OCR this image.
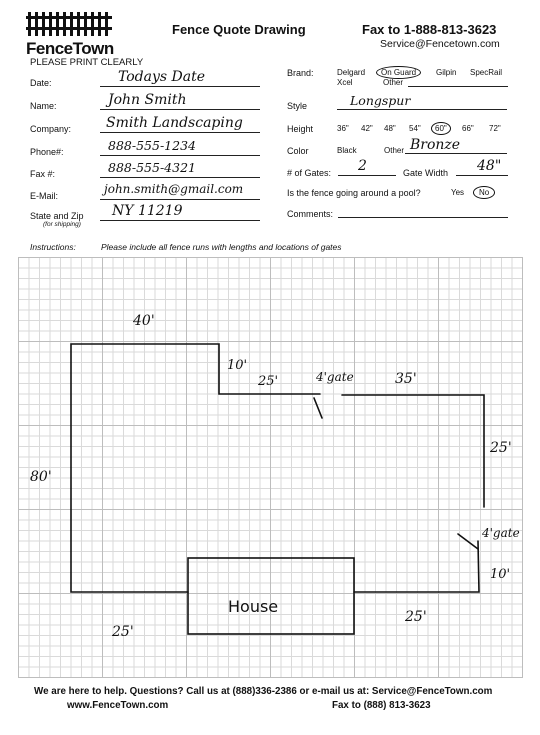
FenceTown
Fence Quote Drawing	Fax to 1-888-813-3623
Service@Fencetown.com
PLEASE PRINT CLEARLY
Date:	Todays Date
Name:	John Smith
Company: Smith Landscaping
Phone#:	888-555-1234
Fax #:	888-555-4321
E-Mail:	john.smith@gmail.com
State and Zip
(for shipping)
NY 11219
Brand:	Delgard	On Guard	Gilpin SpecRail
Xcel	Other
Style	Longspur
Height	36" 42" 48" 54"	60"	66" 72"
Color	Black	Other Bronze
# of Gates: 2	Gate Width 48"
Is the fence going around a pool?	Yes	No
Comments:
Instructions:	Please include all fence runs with lengths and locations of gates
40'
80'
10'
25'	4'gate	35'
25'
4'gate
10'
25'
25'
House
We are here to help. Questions? Call us at (888)336-2386 or e-mail us at: Service@FenceTown.com
www.FenceTown.com	Fax to (888) 813-3623
